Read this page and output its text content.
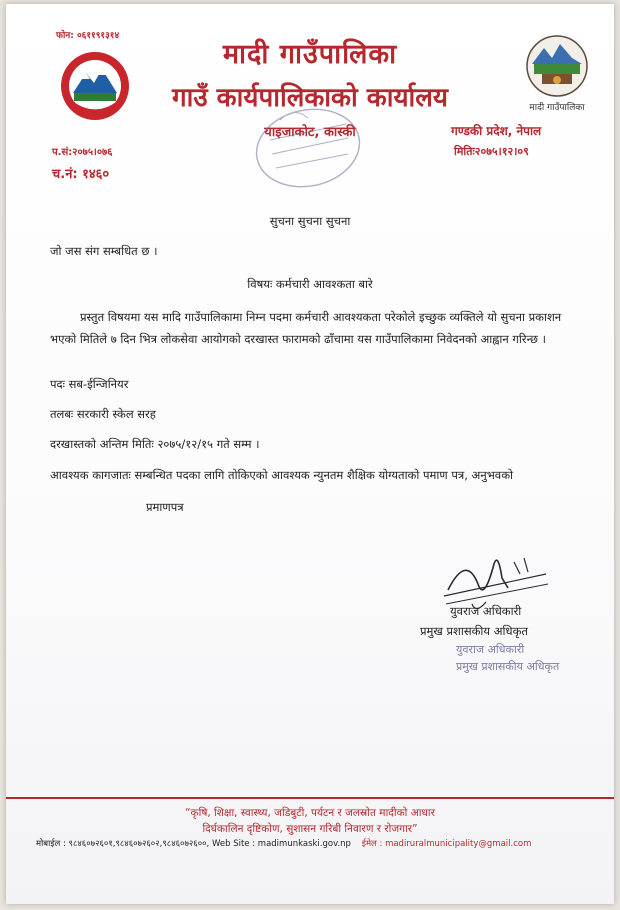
फोन: ०६११९१३१४
मादी गाउँपालिका
गाउँ कार्यपालिकाको कार्यालय
याइजाकोट, कास्की
मादी गाउँपालिका
गण्डकी प्रदेश, नेपाल
मितिः२०७५।१२।०९
प.सं:२०७५।०७६
च.नं: १४६०
सुचना सुचना सुचना
जो जस संग सम्बधित छ ।
विषयः कर्मचारी आवश्कता बारे
प्रस्तुत विषयमा यस मादि गाउँपालिकामा निम्न पदमा कर्मचारी आवश्यकता परेकोले इच्छुक व्यक्तिले यो सुचना प्रकाशन भएको मितिले ७ दिन भित्र लोकसेवा आयोगको दरखास्त फारामको ढाँचामा यस गाउँपालिकामा निवेदनको आह्वान गरिन्छ ।
पदः सब-ईन्जिनियर
तलबः सरकारी स्केल सरह
दरखास्तको अन्तिम मितिः २०७५/१२/१५ गते सम्म ।
आवश्यक कागजातः सम्बन्धित पदका लागि तोकिएको आवश्यक न्युनतम शैक्षिक योग्यताको पमाण पत्र, अनुभवको
प्रमाणपत्र
युवराज अधिकारी
प्रमुख प्रशासकीय अधिकृत
युवराज अधिकारी
प्रमुख प्रशासकीय अधिकृत
“कृषि, शिक्षा, स्वास्थ्य, जडिबुटी, पर्यटन र जलस्रोत मादीको आधार
दिर्घकालिन दृष्टिकोण, सुशासन गरिबी निवारण र रोजगार”
मोबाईल : ९८४६०७२६०१,९८४६०७२६०२,९८४६०७२६००, Web Site : madimunkaski.gov.np ईमेल : madiruralmunicipality@gmail.com
